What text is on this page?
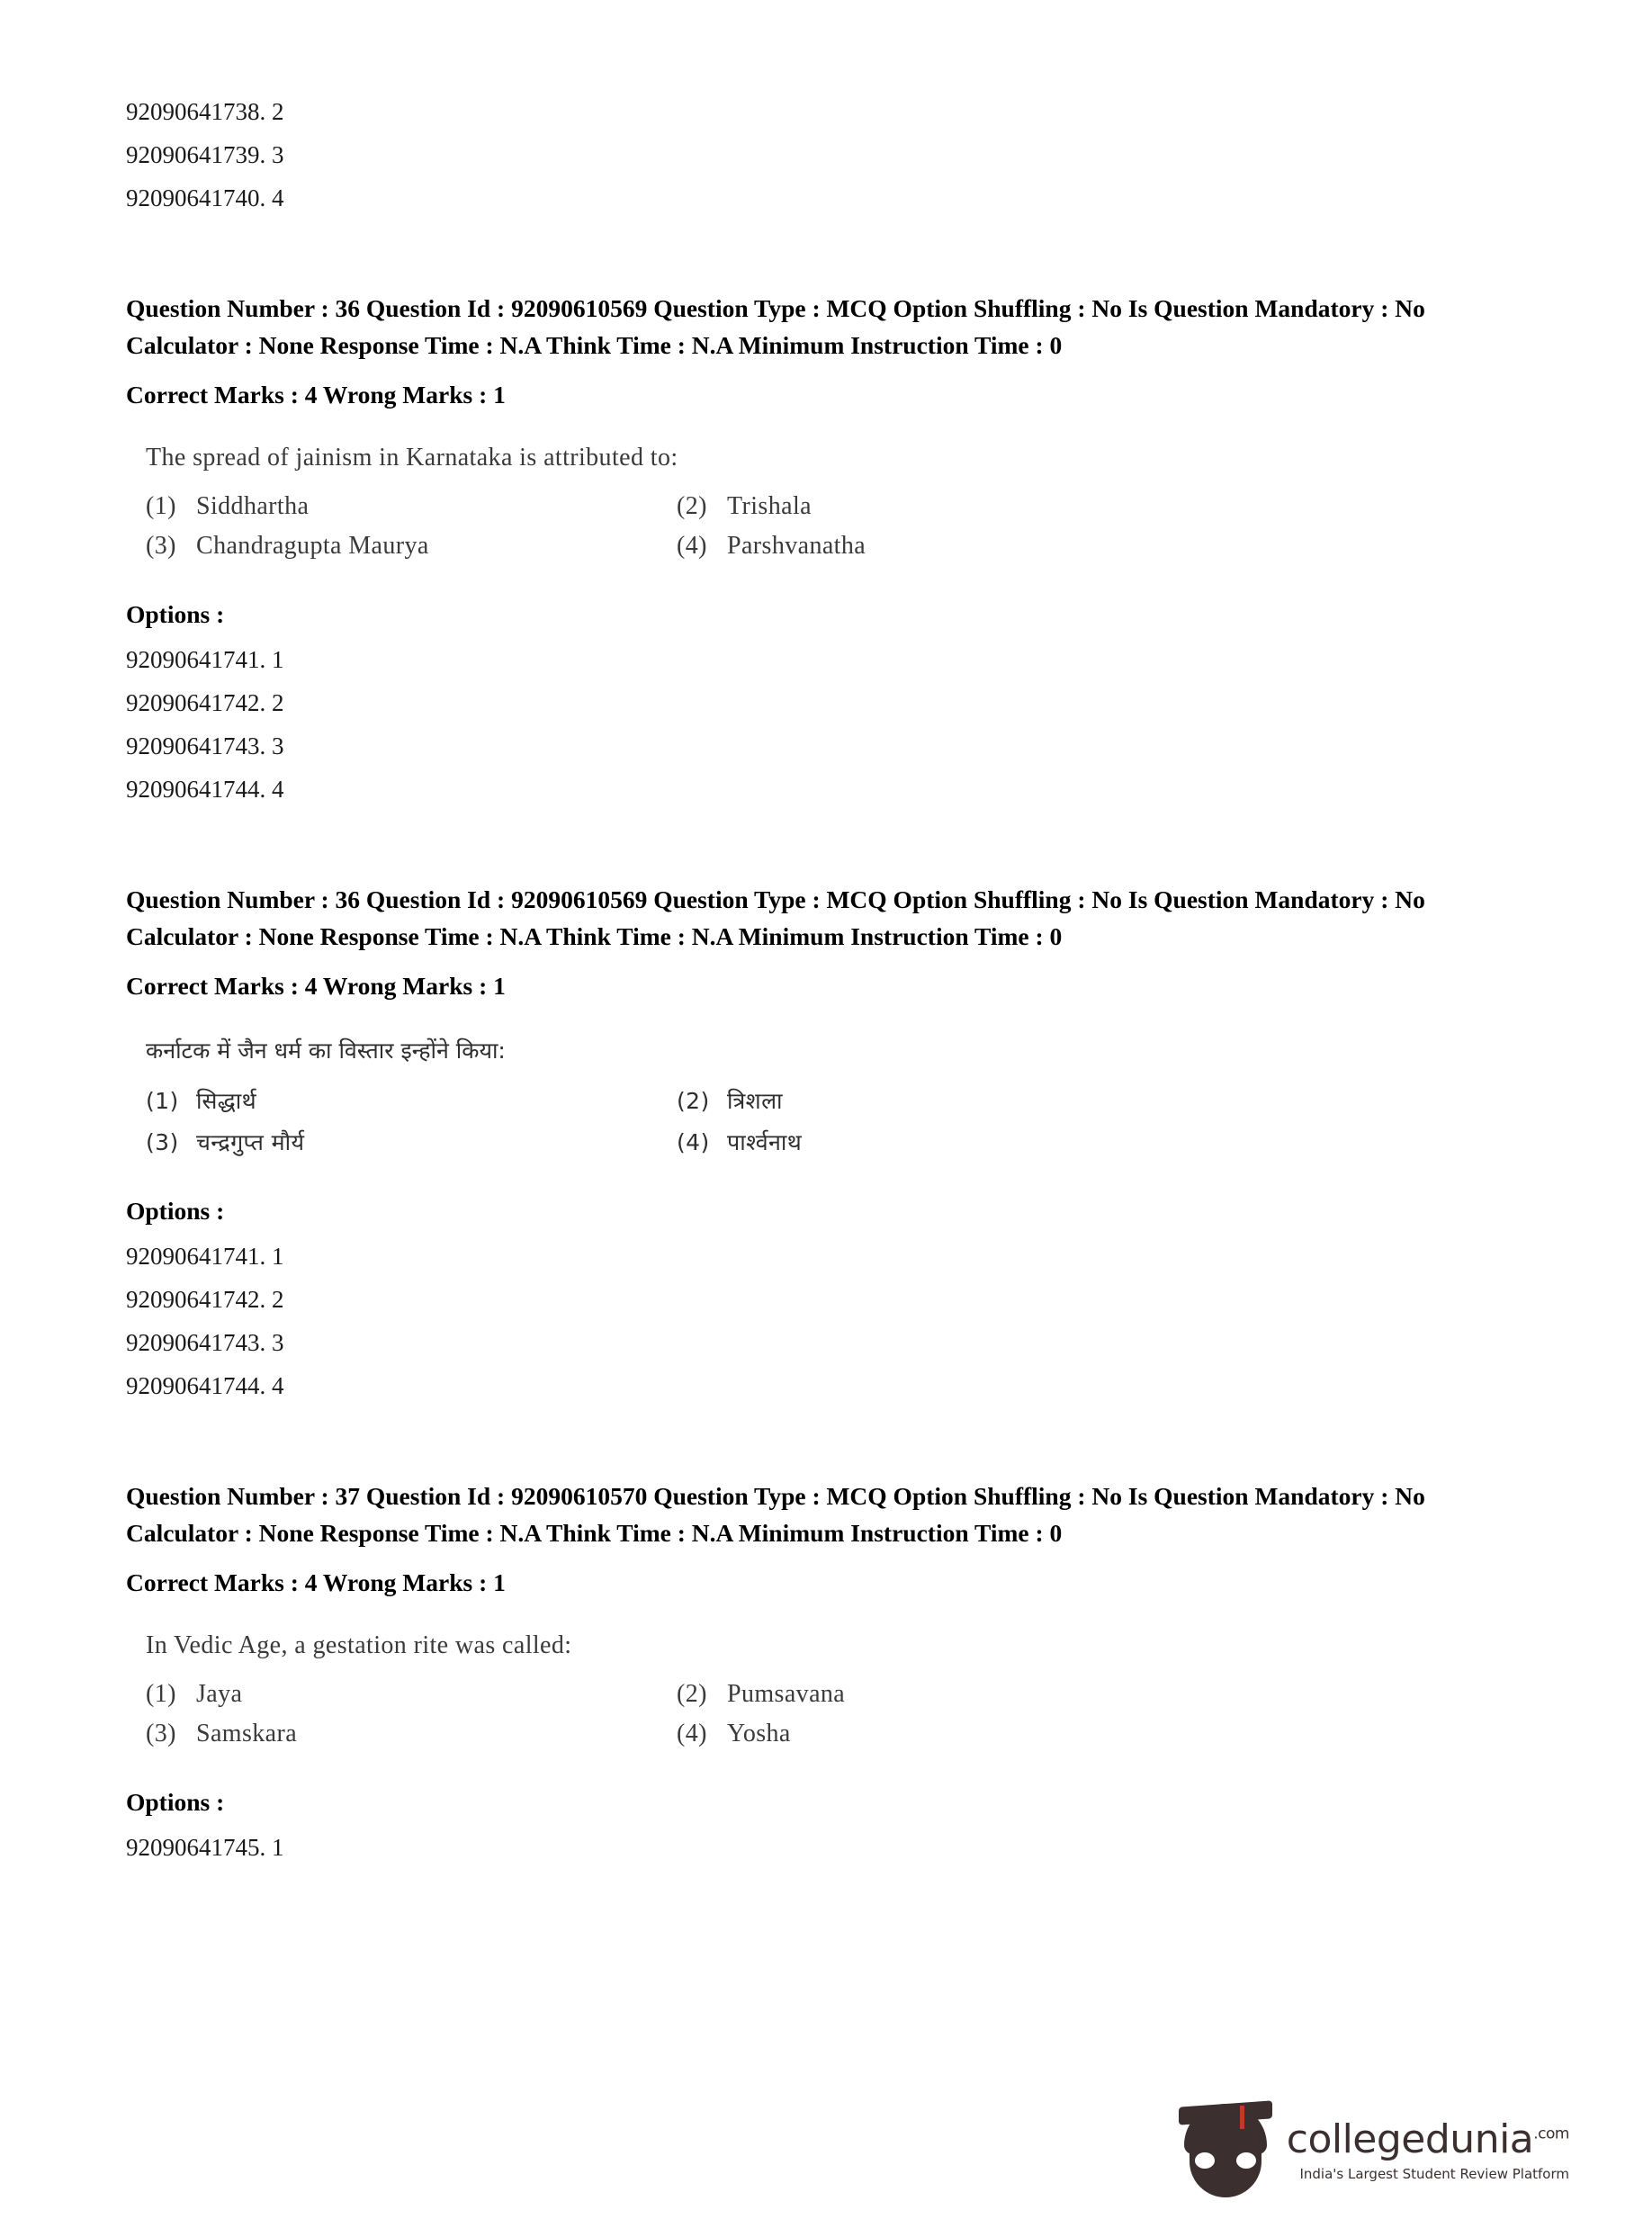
92090641738. 2
92090641739. 3
92090641740. 4
Question Number : 36 Question Id : 92090610569 Question Type : MCQ Option Shuffling : No Is Question Mandatory : No Calculator : None Response Time : N.A Think Time : N.A Minimum Instruction Time : 0
Correct Marks : 4 Wrong Marks : 1
The spread of jainism in Karnataka is attributed to:
(1) Siddhartha	(2) Trishala
(3) Chandragupta Maurya	(4) Parshvanatha
Options :
92090641741. 1
92090641742. 2
92090641743. 3
92090641744. 4
Question Number : 36 Question Id : 92090610569 Question Type : MCQ Option Shuffling : No Is Question Mandatory : No Calculator : None Response Time : N.A Think Time : N.A Minimum Instruction Time : 0
Correct Marks : 4 Wrong Marks : 1
कर्नाटक में जैन धर्म का विस्तार इन्होंने किया:
(1) सिद्धार्थ	(2) त्रिशला
(3) चन्द्रगुप्त मौर्य	(4) पार्श्वनाथ
Options :
92090641741. 1
92090641742. 2
92090641743. 3
92090641744. 4
Question Number : 37 Question Id : 92090610570 Question Type : MCQ Option Shuffling : No Is Question Mandatory : No Calculator : None Response Time : N.A Think Time : N.A Minimum Instruction Time : 0
Correct Marks : 4 Wrong Marks : 1
In Vedic Age, a gestation rite was called:
(1) Jaya	(2) Pumsavana
(3) Samskara	(4) Yosha
Options :
92090641745. 1
collegedunia$^{.com}$
India's Largest Student Review Platform
